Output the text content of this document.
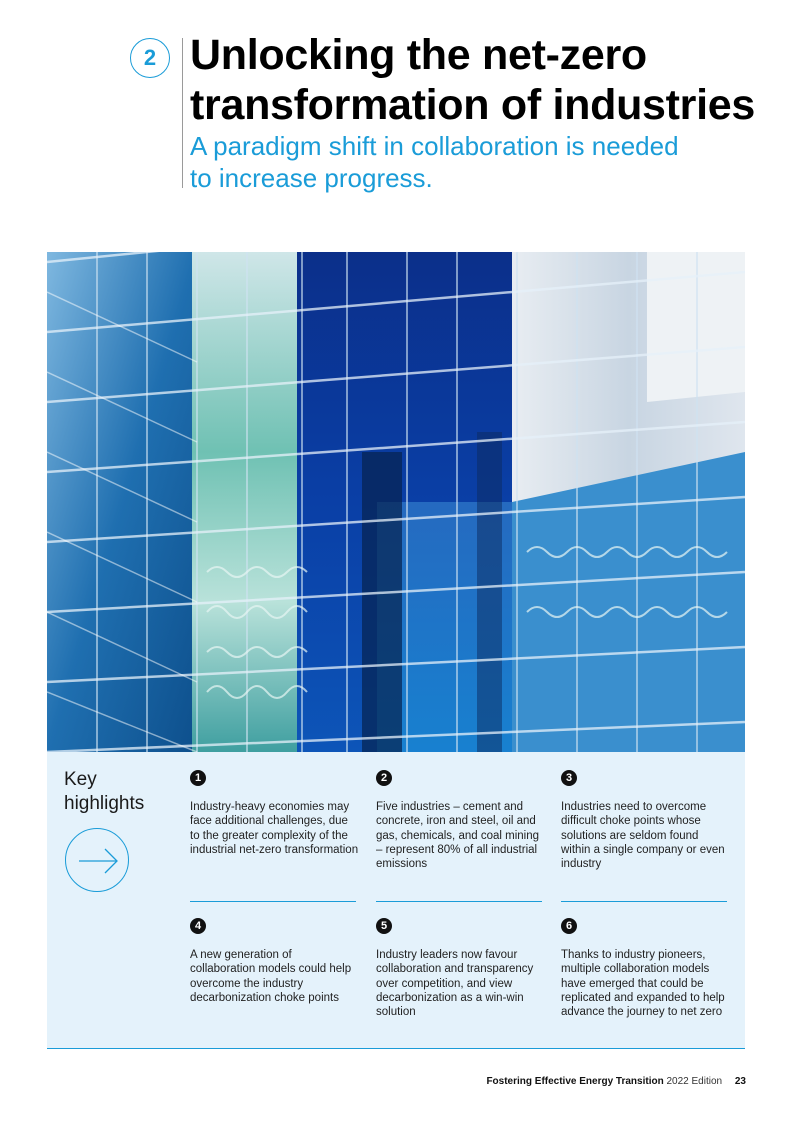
2 Unlocking the net-zero
transformation of industries

A paradigm shift in collaboration is needed
to increase progress.

Key
highlights
1
Industry-heavy economies may face additional challenges, due to the greater complexity of the industrial net-zero transformation
2
Five industries – cement and concrete, iron and steel, oil and gas, chemicals, and coal mining – represent 80% of all industrial emissions
3
Industries need to overcome difficult choke points whose solutions are seldom found within a single company or even industry
4
A new generation of collaboration models could help overcome the industry decarbonization choke points
5
Industry leaders now favour collaboration and transparency over competition, and view decarbonization as a win-win solution
6
Thanks to industry pioneers, multiple collaboration models have emerged that could be replicated and expanded to help advance the journey to net zero
Fostering Effective Energy Transition 2022 Edition 23
